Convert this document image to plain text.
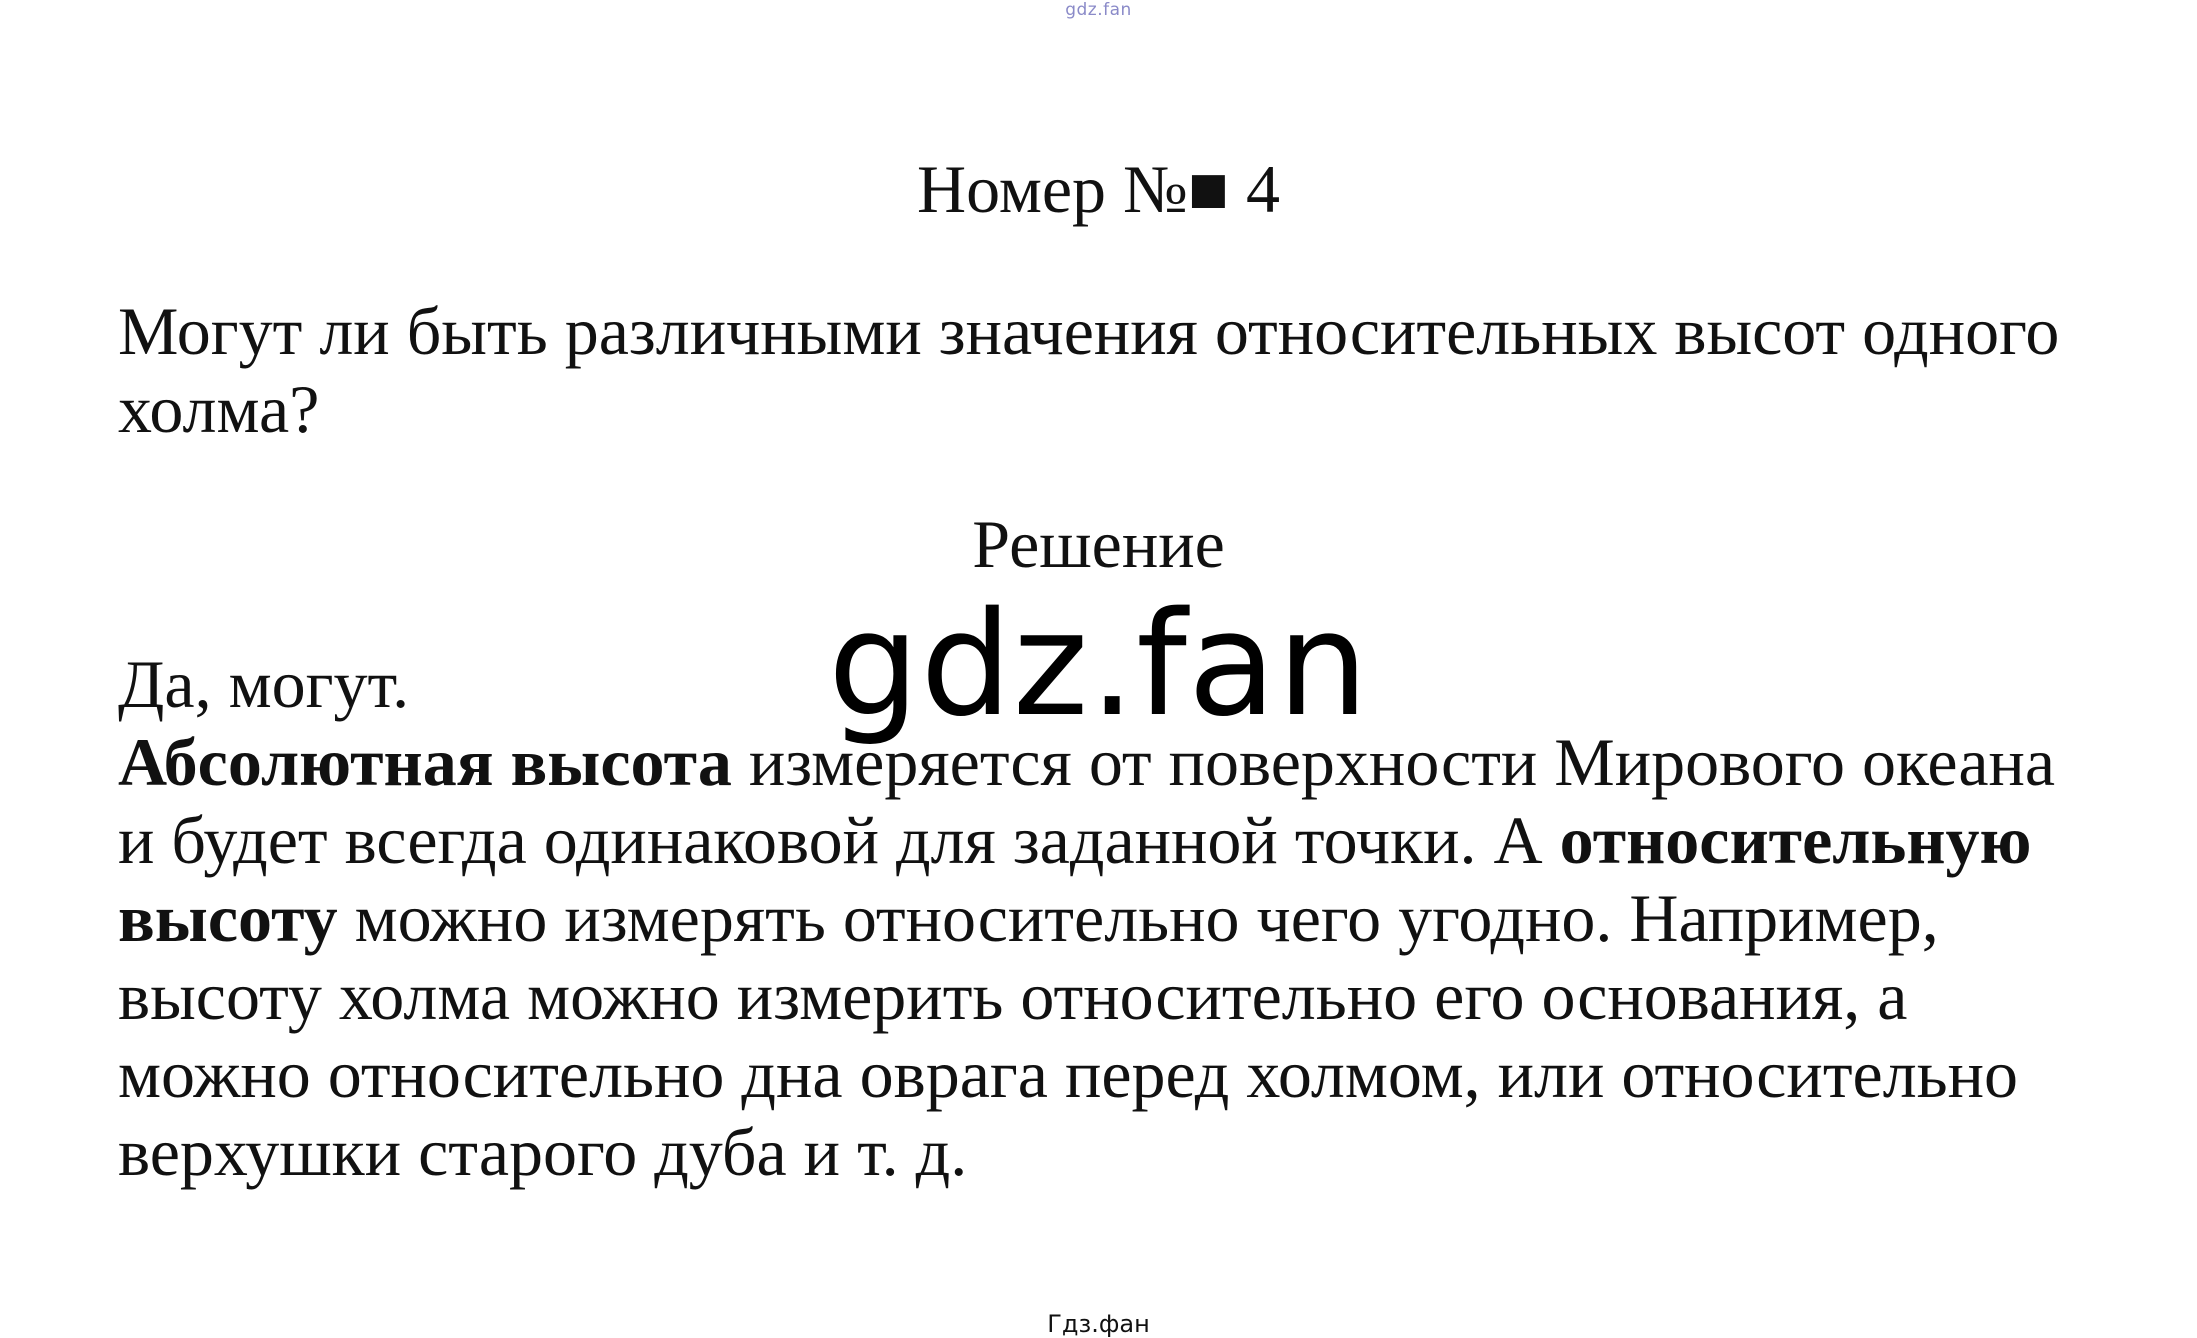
gdz.fan
Номер №■ 4
Могут ли быть различными значения относительных высот одного
холма?
Решение
Да, могут.
Абсолютная высота измеряется от поверхности Мирового океана
и будет всегда одинаковой для заданной точки. А относительную
высоту можно измерять относительно чего угодно. Например,
высоту холма можно измерить относительно его основания, а
можно относительно дна оврага перед холмом, или относительно
верхушки старого дуба и т. д.
gdz.fan
Гдз.фан
